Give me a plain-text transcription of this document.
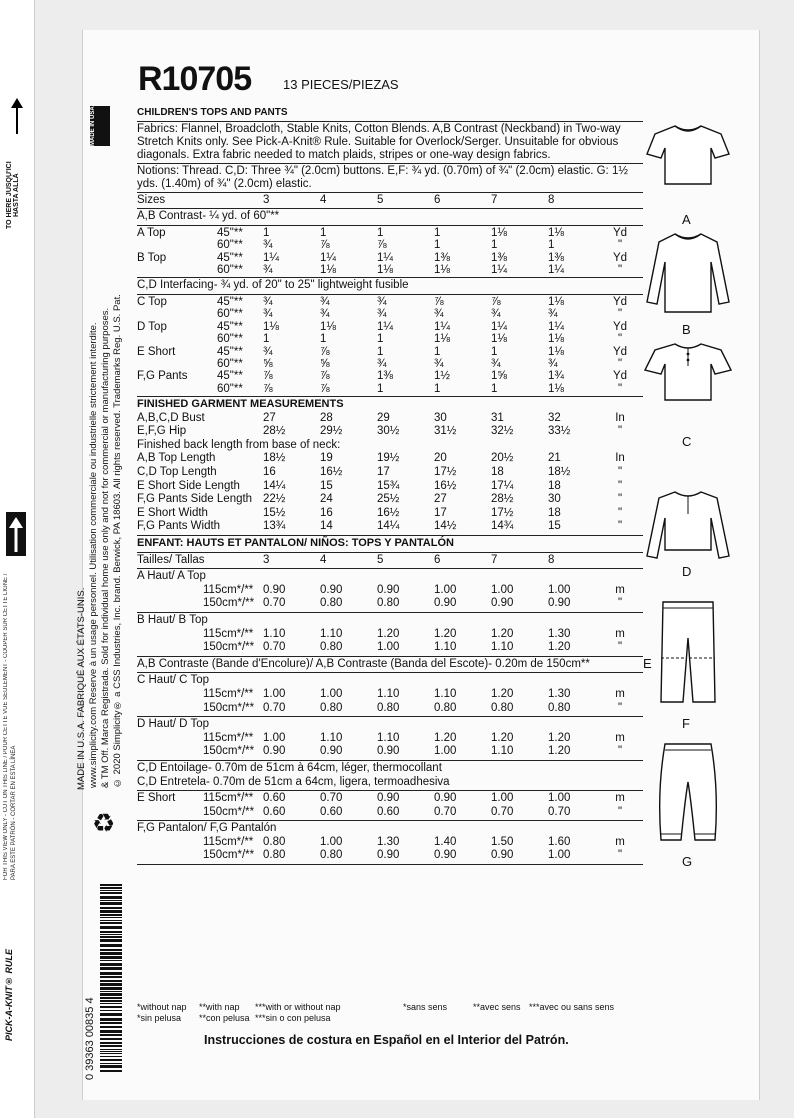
TO HERE JUSQU'ICI HASTA ALLÁ
FOR THIS VIEW ONLY - CUT ON THIS LINE / POUR CETTE VUE SEULEMENT - COUPER SUR CETTE LIGNE / PARA ESTE PATRÓN - CORTAR EN ESTA LÍNEA
PICK-A-KNIT® RULE
MADE IN USA
© 2020 Simplicity® a CSS Industries, Inc. brand. Berwick, PA 18603. All rights reserved. Trademarks Reg. U.S. Pat.
& TM Off. Marca Registrada. Sold for individual home use only and not for commercial or manufacturing purposes.
www.simplicity.com Reserve à un usage personnel. Utilisation commerciale ou industrielle strictement interdite.
MADE IN U.S.A. FABRIQUÉ AUX ÉTATS-UNIS.
♻
0 39363 00835 4
R10705 13 PIECES/PIEZAS
CHILDREN'S TOPS AND PANTS
Fabrics: Flannel, Broadcloth, Stable Knits, Cotton Blends. A,B Contrast (Neckband) in Two-way Stretch Knits only. See Pick-A-Knit® Rule. Suitable for Overlock/Serger. Unsuitable for obvious diagonals. Extra fabric needed to match plaids, stripes or one-way design fabrics.
Notions: Thread. C,D: Three ¾" (2.0cm) buttons. E,F: ¾ yd. (0.70m) of ¾" (2.0cm) elastic. G: 1½ yds. (1.40m) of ¾" (2.0cm) elastic.
Sizes	3	4	5	6	7	8
A,B Contrast- ¼ yd. of 60"**
A Top	45"**	1	1	1	1	1⅛	1⅛	Yd
60"**	¾	⅞	⅞	1	1	1	"
B Top	45"**	1¼	1¼	1¼	1⅜	1⅜	1⅜	Yd
60"**	¾	1⅛	1⅛	1⅛	1¼	1¼	"
C,D Interfacing- ¾ yd. of 20" to 25" lightweight fusible
C Top	45"**	¾	¾	¾	⅞	⅞	1⅛	Yd
60"**	¾	¾	¾	¾	¾	¾	"
D Top	45"**	1⅛	1⅛	1¼	1¼	1¼	1¼	Yd
60"**	1	1	1	1⅛	1⅛	1⅛	"
E Short	45"**	¾	⅞	1	1	1	1⅛	Yd
60"**	⅝	⅝	¾	¾	¾	¾	"
F,G Pants	45"**	⅞	⅞	1⅜	1½	1⅝	1¾	Yd
60"**	⅞	⅞	1	1	1	1⅛	"
FINISHED GARMENT MEASUREMENTS
A,B,C,D Bust	27	28	29	30	31	32	In
E,F,G Hip	28½	29½	30½	31½	32½	33½	"
Finished back length from base of neck:
A,B Top Length	18½	19	19½	20	20½	21	In
C,D Top Length	16	16½	17	17½	18	18½	"
E Short Side Length	14¼	15	15¾	16½	17¼	18	"
F,G Pants Side Length 22½	24	25½	27	28½	30	"
E Short Width	15½	16	16½	17	17½	18	"
F,G Pants Width	13¾	14	14¼	14½	14¾	15	"
ENFANT: HAUTS ET PANTALON/ NIÑOS: TOPS Y PANTALÓN
Tailles/ Tallas	3	4	5	6	7	8
A Haut/ A Top
115cm*/** 0.90	0.90	0.90	1.00	1.00	1.00	m
150cm*/** 0.70	0.80	0.80	0.90	0.90	0.90	"
B Haut/ B Top
115cm*/** 1.10	1.10	1.20	1.20	1.20	1.30	m
150cm*/** 0.70	0.80	1.00	1.10	1.10	1.20	"
A,B Contraste (Bande d'Encolure)/ A,B Contraste (Banda del Escote)- 0.20m de 150cm**
C Haut/ C Top
115cm*/** 1.00	1.00	1.10	1.10	1.20	1.30	m
150cm*/** 0.70	0.80	0.80	0.80	0.80	0.80	"
D Haut/ D Top
115cm*/** 1.00	1.10	1.10	1.20	1.20	1.20	m
150cm*/** 0.90	0.90	0.90	1.00	1.10	1.20	"
C,D Entoilage- 0.70m de 51cm à 64cm, léger, thermocollant
C,D Entretela- 0.70m de 51cm a 64cm, ligera, termoadhesiva
E Short	115cm*/** 0.60	0.70	0.90	0.90	1.00	1.00	m
150cm*/** 0.60	0.60	0.60	0.70	0.70	0.70	"
F,G Pantalon/ F,G Pantalón
115cm*/** 0.80	1.00	1.30	1.40	1.50	1.60	m
150cm*/** 0.80	0.80	0.90	0.90	0.90	1.00	"
*without nap **with nap ***with or without nap	*sans sens	**avec sens ***avec ou sans sens
*sin pelusa **con pelusa ***sin o con pelusa
Instrucciones de costura en Español en el Interior del Patrón.
A
B
C
D
E
F
G
